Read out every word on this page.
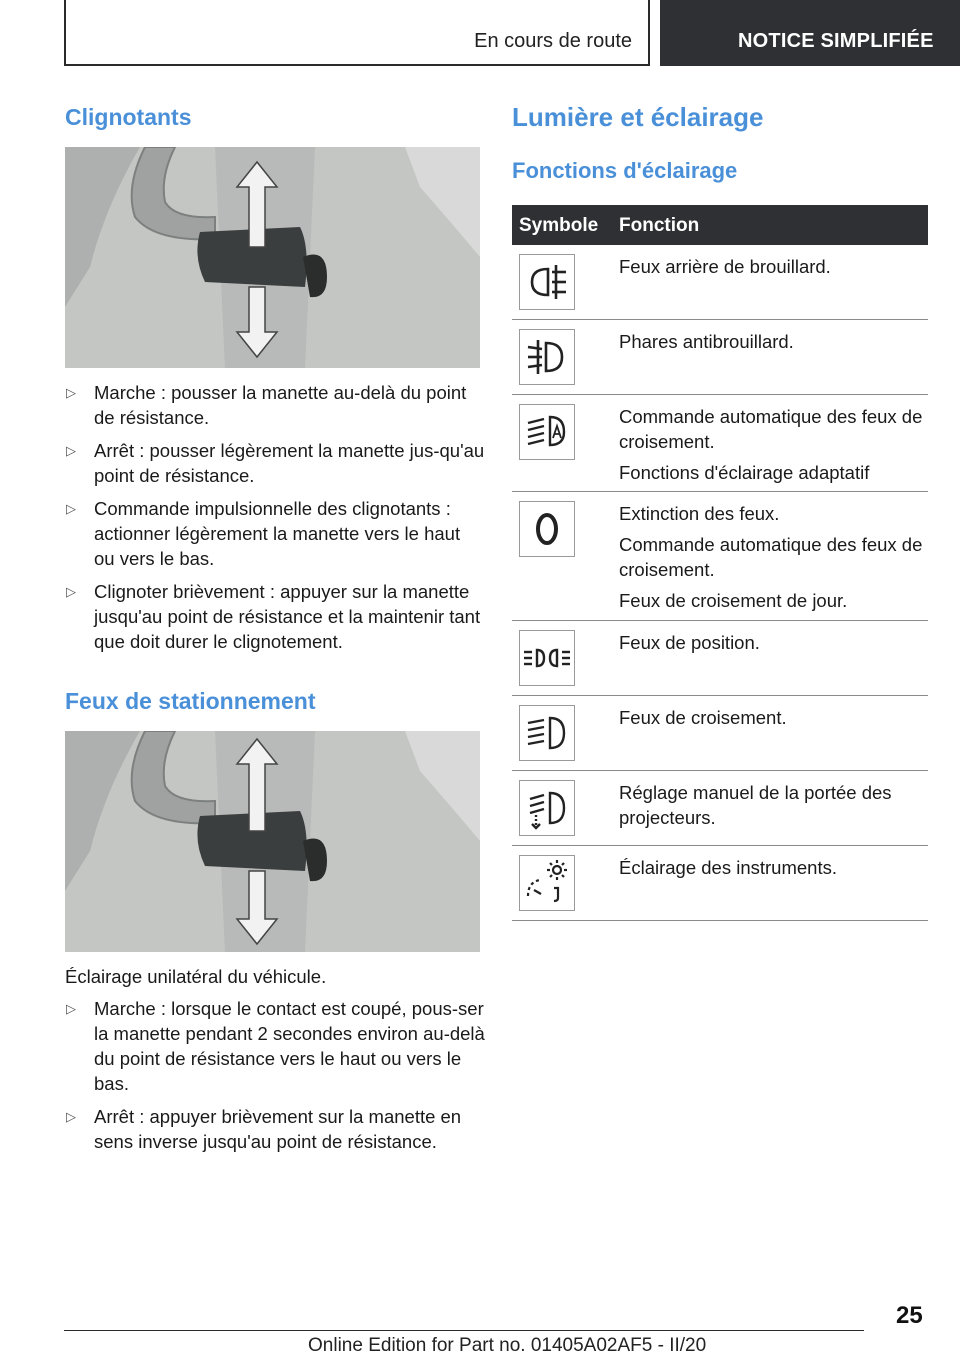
En cours de route	NOTICE SIMPLIFIÉE
Clignotants
▷ Marche : pousser la manette au-delà du point de résistance.
▷ Arrêt : pousser légèrement la manette jus-qu'au point de résistance.
▷ Commande impulsionnelle des clignotants : actionner légèrement la manette vers le haut ou vers le bas.
▷ Clignoter brièvement : appuyer sur la manette jusqu'au point de résistance et la maintenir tant que doit durer le clignotement.
Feux de stationnement

Éclairage unilatéral du véhicule.

▷ Marche : lorsque le contact est coupé, pous-ser la manette pendant 2 secondes environ au-delà du point de résistance vers le haut ou vers le bas.
▷ Arrêt : appuyer brièvement sur la manette en sens inverse jusqu'au point de résistance.
Lumière et éclairage
Fonctions d'éclairage
Symbole Fonction

Feux arrière de brouillard.

Phares antibrouillard.

Commande automatique des feux de croisement.

Fonctions d'éclairage adaptatif

Extinction des feux.

Commande automatique des feux de croisement.

Feux de croisement de jour.

Feux de position.

Feux de croisement.

Réglage manuel de la portée des projecteurs.

Éclairage des instruments.

25
Online Edition for Part no. 01405A02AF5 - II/20
